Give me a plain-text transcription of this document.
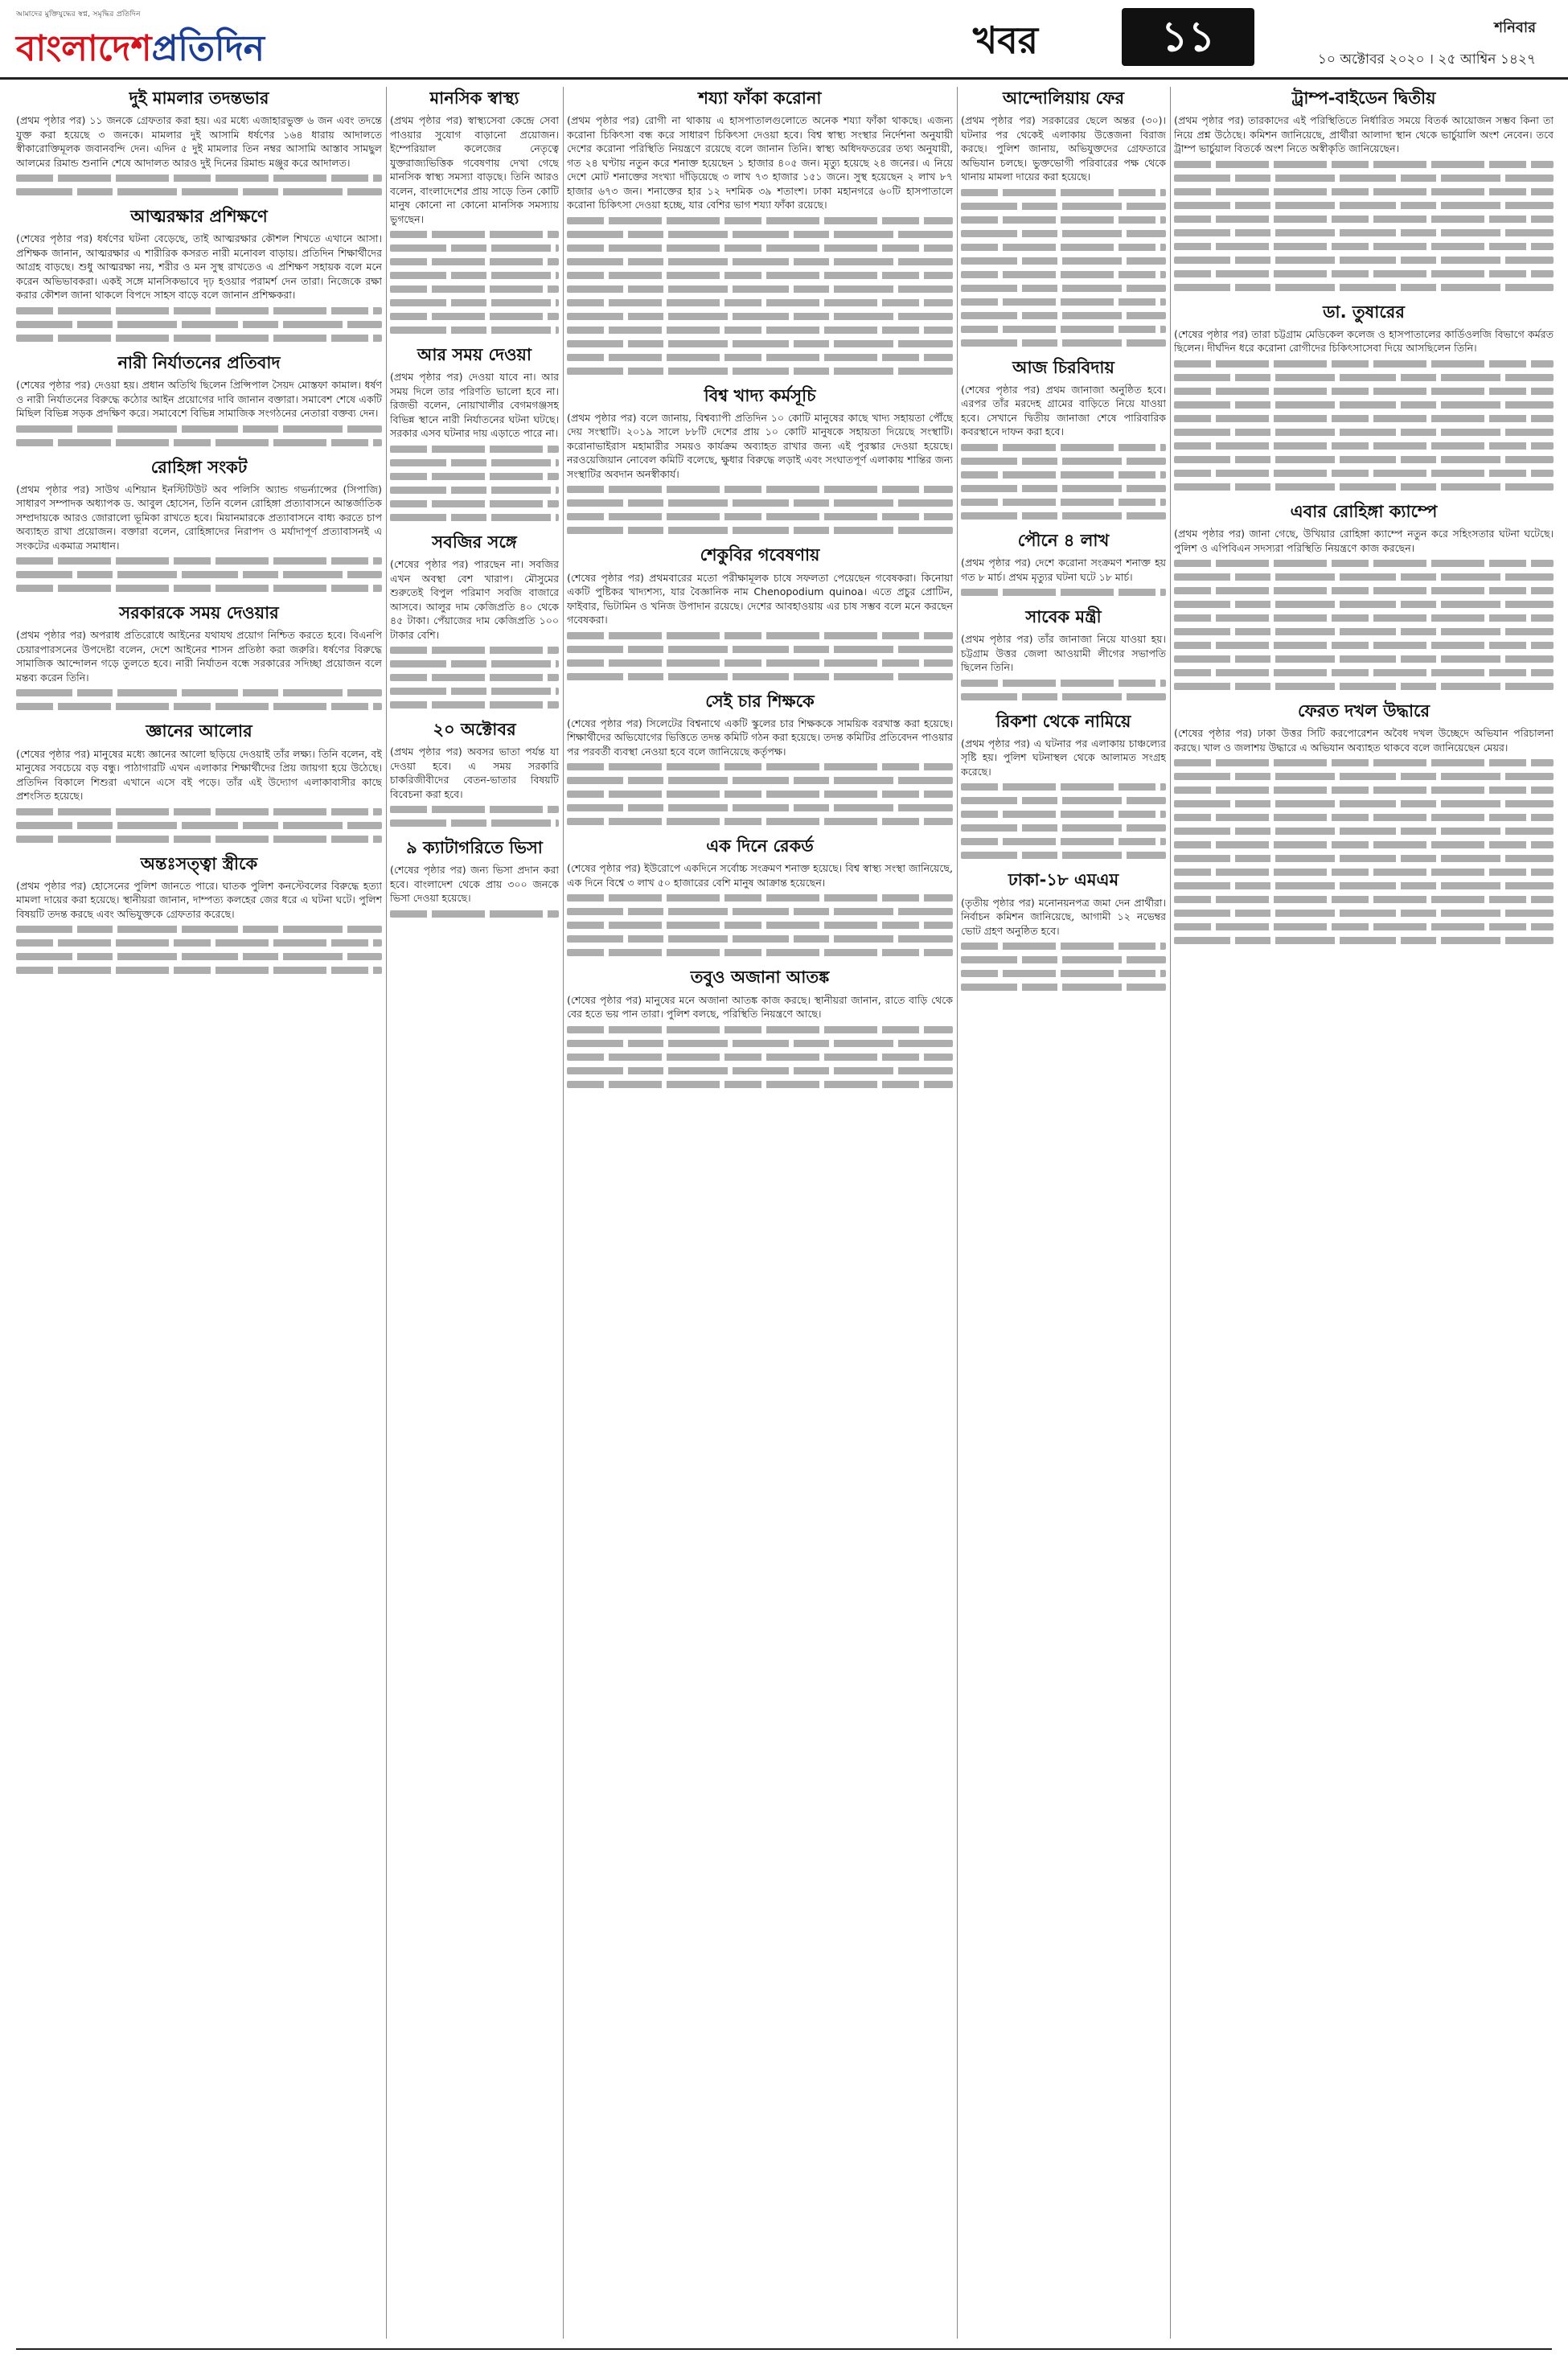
আমাদের মুক্তিযুদ্ধের স্বপ্ন, সমৃদ্ধির প্রতিদিন
বাংলাদেশপ্রতিদিন	খবর	১১	শনিবার
১০ অক্টোবর ২০২০ । ২৫ আশ্বিন ১৪২৭
দুই মামলার তদন্তভার

(প্রথম পৃষ্ঠার পর) ১১ জনকে গ্রেফতার করা হয়। এর মধ্যে এজাহারভুক্ত ৬ জন এবং তদন্তে যুক্ত করা হয়েছে ৩ জনকে। মামলার দুই আসামি ধর্ষণের ১৬৪ ধারায় আদালতে স্বীকারোক্তিমূলক জবানবন্দি দেন। এদিন ৫ দুই মামলার তিন নম্বর আসামি আস্তাব সামছুল আলমের রিমান্ড শুনানি শেষে আদালত আরও দুই দিনের রিমান্ড মঞ্জুর করে আদালত।

আত্মরক্ষার প্রশিক্ষণে

(শেষের পৃষ্ঠার পর) ধর্ষণের ঘটনা বেড়েছে, তাই আত্মরক্ষার কৌশল শিখতে এখানে আসা। প্রশিক্ষক জানান, আত্মরক্ষার এ শারীরিক কসরত নারী মনোবল বাড়ায়। প্রতিদিন শিক্ষার্থীদের আগ্রহ বাড়ছে। শুধু আত্মরক্ষা নয়, শরীর ও মন সুস্থ রাখতেও এ প্রশিক্ষণ সহায়ক বলে মনে করেন অভিভাবকরা। একই সঙ্গে মানসিকভাবে দৃঢ় হওয়ার পরামর্শ দেন তারা। নিজেকে রক্ষা করার কৌশল জানা থাকলে বিপদে সাহস বাড়ে বলে জানান প্রশিক্ষকরা।

নারী নির্যাতনের প্রতিবাদ

(শেষের পৃষ্ঠার পর) দেওয়া হয়। প্রধান অতিথি ছিলেন প্রিন্সিপাল সৈয়দ মোস্তফা কামাল। ধর্ষণ ও নারী নির্যাতনের বিরুদ্ধে কঠোর আইন প্রয়োগের দাবি জানান বক্তারা। সমাবেশ শেষে একটি মিছিল বিভিন্ন সড়ক প্রদক্ষিণ করে। সমাবেশে বিভিন্ন সামাজিক সংগঠনের নেতারা বক্তব্য দেন।

রোহিঙ্গা সংকট

(প্রথম পৃষ্ঠার পর) সাউথ এশিয়ান ইনস্টিটিউট অব পলিসি অ্যান্ড গভর্ন্যান্সের (সিপাজি) সাধারণ সম্পাদক অধ্যাপক ড. আবুল হোসেন, তিনি বলেন রোহিঙ্গা প্রত্যাবাসনে আন্তর্জাতিক সম্প্রদায়কে আরও জোরালো ভূমিকা রাখতে হবে। মিয়ানমারকে প্রত্যাবাসনে বাধ্য করতে চাপ অব্যাহত রাখা প্রয়োজন। বক্তারা বলেন, রোহিঙ্গাদের নিরাপদ ও মর্যাদাপূর্ণ প্রত্যাবাসনই এ সংকটের একমাত্র সমাধান।

সরকারকে সময় দেওয়ার

(প্রথম পৃষ্ঠার পর) অপরাধ প্রতিরোধে আইনের যথাযথ প্রয়োগ নিশ্চিত করতে হবে। বিএনপি চেয়ারপারসনের উপদেষ্টা বলেন, দেশে আইনের শাসন প্রতিষ্ঠা করা জরুরি। ধর্ষণের বিরুদ্ধে সামাজিক আন্দোলন গড়ে তুলতে হবে। নারী নির্যাতন বন্ধে সরকারের সদিচ্ছা প্রয়োজন বলে মন্তব্য করেন তিনি।

জ্ঞানের আলোর

(শেষের পৃষ্ঠার পর) মানুষের মধ্যে জ্ঞানের আলো ছড়িয়ে দেওয়াই তাঁর লক্ষ্য। তিনি বলেন, বই মানুষের সবচেয়ে বড় বন্ধু। পাঠাগারটি এখন এলাকার শিক্ষার্থীদের প্রিয় জায়গা হয়ে উঠেছে। প্রতিদিন বিকালে শিশুরা এখানে এসে বই পড়ে। তাঁর এই উদ্যোগ এলাকাবাসীর কাছে প্রশংসিত হয়েছে।

অন্তঃসত্ত্বা স্ত্রীকে

(প্রথম পৃষ্ঠার পর) হোসেনের পুলিশ জানতে পারে। ঘাতক পুলিশ কনস্টেবলের বিরুদ্ধে হত্যা মামলা দায়ের করা হয়েছে। স্থানীয়রা জানান, দাম্পত্য কলহের জের ধরে এ ঘটনা ঘটে। পুলিশ বিষয়টি তদন্ত করছে এবং অভিযুক্তকে গ্রেফতার করেছে।

মানসিক স্বাস্থ্য

(প্রথম পৃষ্ঠার পর) স্বাস্থ্যসেবা কেন্দ্রে সেবা পাওয়ার সুযোগ বাড়ানো প্রয়োজন। ইম্পেরিয়াল কলেজের নেতৃত্বে যুক্তরাজ্যভিত্তিক গবেষণায় দেখা গেছে মানসিক স্বাস্থ্য সমস্যা বাড়ছে। তিনি আরও বলেন, বাংলাদেশের প্রায় সাড়ে তিন কোটি মানুষ কোনো না কোনো মানসিক সমস্যায় ভুগছেন।

আর সময় দেওয়া

(প্রথম পৃষ্ঠার পর) দেওয়া যাবে না। আর সময় দিলে তার পরিণতি ভালো হবে না। রিজভী বলেন, নোয়াখালীর বেগমগঞ্জসহ বিভিন্ন স্থানে নারী নির্যাতনের ঘটনা ঘটছে। সরকার এসব ঘটনার দায় এড়াতে পারে না।

সবজির সঙ্গে

(শেষের পৃষ্ঠার পর) পারছেন না। সবজির এখন অবস্থা বেশ খারাপ। মৌসুমের শুরুতেই বিপুল পরিমাণ সবজি বাজারে আসবে। আলুর দাম কেজিপ্রতি ৪০ থেকে ৪৫ টাকা। পেঁয়াজের দাম কেজিপ্রতি ১০০ টাকার বেশি।

২০ অক্টোবর

(প্রথম পৃষ্ঠার পর) অবসর ভাতা পর্যন্ত যা দেওয়া হবে। এ সময় সরকারি চাকরিজীবীদের বেতন-ভাতার বিষয়টি বিবেচনা করা হবে।

৯ ক্যাটাগরিতে ভিসা

(শেষের পৃষ্ঠার পর) জন্য ভিসা প্রদান করা হবে। বাংলাদেশ থেকে প্রায় ৩০০ জনকে ভিসা দেওয়া হয়েছে।

শয্যা ফাঁকা করোনা

(প্রথম পৃষ্ঠার পর) রোগী না থাকায় এ হাসপাতালগুলোতে অনেক শয্যা ফাঁকা থাকছে। এজন্য করোনা চিকিৎসা বন্ধ করে সাধারণ চিকিৎসা দেওয়া হবে। বিশ্ব স্বাস্থ্য সংস্থার নির্দেশনা অনুযায়ী দেশের করোনা পরিস্থিতি নিয়ন্ত্রণে রয়েছে বলে জানান তিনি। স্বাস্থ্য অধিদফতরের তথ্য অনুযায়ী, গত ২৪ ঘণ্টায় নতুন করে শনাক্ত হয়েছেন ১ হাজার ৪০৫ জন। মৃত্যু হয়েছে ২৪ জনের। এ নিয়ে দেশে মোট শনাক্তের সংখ্যা দাঁড়িয়েছে ৩ লাখ ৭৩ হাজার ১৫১ জনে। সুস্থ হয়েছেন ২ লাখ ৮৭ হাজার ৬৭৩ জন। শনাক্তের হার ১২ দশমিক ৩৯ শতাংশ। ঢাকা মহানগরে ৬০টি হাসপাতালে করোনা চিকিৎসা দেওয়া হচ্ছে, যার বেশির ভাগ শয্যা ফাঁকা রয়েছে।

বিশ্ব খাদ্য কর্মসূচি

(প্রথম পৃষ্ঠার পর) বলে জানায়, বিশ্বব্যাপী প্রতিদিন ১০ কোটি মানুষের কাছে খাদ্য সহায়তা পৌঁছে দেয় সংস্থাটি। ২০১৯ সালে ৮৮টি দেশের প্রায় ১০ কোটি মানুষকে সহায়তা দিয়েছে সংস্থাটি। করোনাভাইরাস মহামারীর সময়ও কার্যক্রম অব্যাহত রাখার জন্য এই পুরস্কার দেওয়া হয়েছে। নরওয়েজিয়ান নোবেল কমিটি বলেছে, ক্ষুধার বিরুদ্ধে লড়াই এবং সংঘাতপূর্ণ এলাকায় শান্তির জন্য সংস্থাটির অবদান অনস্বীকার্য।

শেকুবির গবেষণায়

(শেষের পৃষ্ঠার পর) প্রথমবারের মতো পরীক্ষামূলক চাষে সফলতা পেয়েছেন গবেষকরা। কিনোয়া একটি পুষ্টিকর খাদ্যশস্য, যার বৈজ্ঞানিক নাম Chenopodium quinoa। এতে প্রচুর প্রোটিন, ফাইবার, ভিটামিন ও খনিজ উপাদান রয়েছে। দেশের আবহাওয়ায় এর চাষ সম্ভব বলে মনে করছেন গবেষকরা।

সেই চার শিক্ষকে

(শেষের পৃষ্ঠার পর) সিলেটের বিশ্বনাথে একটি স্কুলের চার শিক্ষককে সাময়িক বরখাস্ত করা হয়েছে। শিক্ষার্থীদের অভিযোগের ভিত্তিতে তদন্ত কমিটি গঠন করা হয়েছে। তদন্ত কমিটির প্রতিবেদন পাওয়ার পর পরবর্তী ব্যবস্থা নেওয়া হবে বলে জানিয়েছে কর্তৃপক্ষ।

এক দিনে রেকর্ড

(শেষের পৃষ্ঠার পর) ইউরোপে একদিনে সর্বোচ্চ সংক্রমণ শনাক্ত হয়েছে। বিশ্ব স্বাস্থ্য সংস্থা জানিয়েছে, এক দিনে বিশ্বে ৩ লাখ ৫০ হাজারের বেশি মানুষ আক্রান্ত হয়েছেন।

তবুও অজানা আতঙ্ক

(শেষের পৃষ্ঠার পর) মানুষের মনে অজানা আতঙ্ক কাজ করছে। স্থানীয়রা জানান, রাতে বাড়ি থেকে বের হতে ভয় পান তারা। পুলিশ বলছে, পরিস্থিতি নিয়ন্ত্রণে আছে।

আন্দোলিয়ায় ফের

(প্রথম পৃষ্ঠার পর) সরকারের ছেলে অন্তর (৩০)। ঘটনার পর থেকেই এলাকায় উত্তেজনা বিরাজ করছে। পুলিশ জানায়, অভিযুক্তদের গ্রেফতারে অভিযান চলছে। ভুক্তভোগী পরিবারের পক্ষ থেকে থানায় মামলা দায়ের করা হয়েছে।

আজ চিরবিদায়

(শেষের পৃষ্ঠার পর) প্রথম জানাজা অনুষ্ঠিত হবে। এরপর তাঁর মরদেহ গ্রামের বাড়িতে নিয়ে যাওয়া হবে। সেখানে দ্বিতীয় জানাজা শেষে পারিবারিক কবরস্থানে দাফন করা হবে।

পৌনে ৪ লাখ

(প্রথম পৃষ্ঠার পর) দেশে করোনা সংক্রমণ শনাক্ত হয় গত ৮ মার্চ। প্রথম মৃত্যুর ঘটনা ঘটে ১৮ মার্চ।

সাবেক মন্ত্রী

(প্রথম পৃষ্ঠার পর) তাঁর জানাজা নিয়ে যাওয়া হয়। চট্টগ্রাম উত্তর জেলা আওয়ামী লীগের সভাপতি ছিলেন তিনি।

রিকশা থেকে নামিয়ে

(প্রথম পৃষ্ঠার পর) এ ঘটনার পর এলাকায় চাঞ্চল্যের সৃষ্টি হয়। পুলিশ ঘটনাস্থল থেকে আলামত সংগ্রহ করেছে।

ঢাকা-১৮ এমএম

(তৃতীয় পৃষ্ঠার পর) মনোনয়নপত্র জমা দেন প্রার্থীরা। নির্বাচন কমিশন জানিয়েছে, আগামী ১২ নভেম্বর ভোট গ্রহণ অনুষ্ঠিত হবে।

ট্রাম্প-বাইডেন দ্বিতীয়

(প্রথম পৃষ্ঠার পর) তারকাদের এই পরিস্থিতিতে নির্ধারিত সময়ে বিতর্ক আয়োজন সম্ভব কিনা তা নিয়ে প্রশ্ন উঠেছে। কমিশন জানিয়েছে, প্রার্থীরা আলাদা স্থান থেকে ভার্চুয়ালি অংশ নেবেন। তবে ট্রাম্প ভার্চুয়াল বিতর্কে অংশ নিতে অস্বীকৃতি জানিয়েছেন।

ডা. তুষারের

(শেষের পৃষ্ঠার পর) তারা চট্টগ্রাম মেডিকেল কলেজ ও হাসপাতালের কার্ডিওলজি বিভাগে কর্মরত ছিলেন। দীর্ঘদিন ধরে করোনা রোগীদের চিকিৎসাসেবা দিয়ে আসছিলেন তিনি।

এবার রোহিঙ্গা ক্যাম্পে

(প্রথম পৃষ্ঠার পর) জানা গেছে, উখিয়ার রোহিঙ্গা ক্যাম্পে নতুন করে সহিংসতার ঘটনা ঘটেছে। পুলিশ ও এপিবিএন সদস্যরা পরিস্থিতি নিয়ন্ত্রণে কাজ করছেন।

ফেরত দখল উদ্ধারে

(শেষের পৃষ্ঠার পর) ঢাকা উত্তর সিটি করপোরেশন অবৈধ দখল উচ্ছেদে অভিযান পরিচালনা করছে। খাল ও জলাশয় উদ্ধারে এ অভিযান অব্যাহত থাকবে বলে জানিয়েছেন মেয়র।
